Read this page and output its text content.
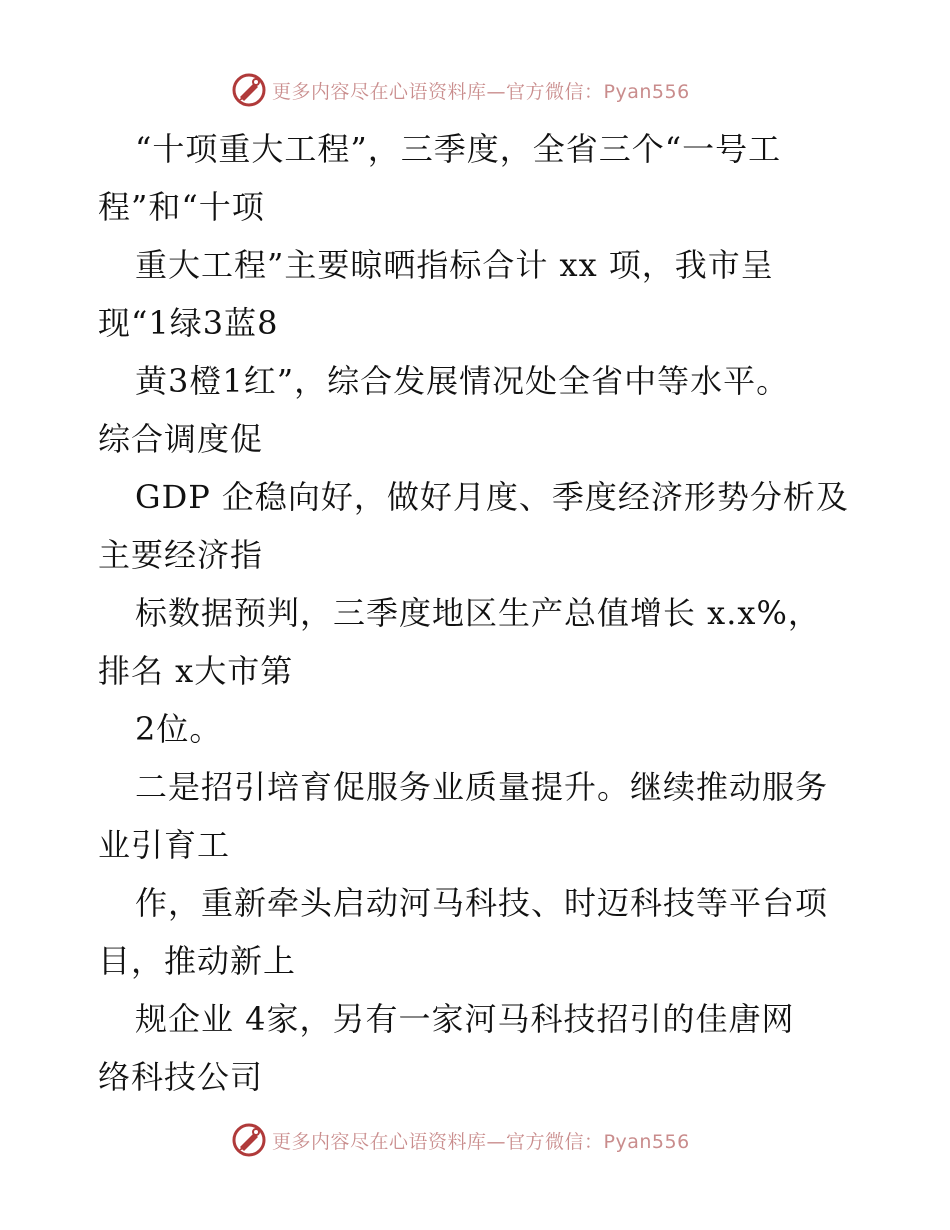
更多内容尽在心语资料库—官方微信：Pyan556
“十项重大工程”，三季度，全省三个“一号工
程”和“十项
重大工程”主要晾晒指标合计 xx 项，我市呈
现“1绿3蓝8
黄3橙1红”，综合发展情况处全省中等水平。
综合调度促
GDP 企稳向好，做好月度、季度经济形势分析及
主要经济指
标数据预判，三季度地区生产总值增长 x.x%，
排名 x大市第
2位。
二是招引培育促服务业质量提升。继续推动服务
业引育工
作，重新牵头启动河马科技、时迈科技等平台项
目，推动新上
规企业 4家，另有一家河马科技招引的佳唐网
络科技公司
更多内容尽在心语资料库—官方微信：Pyan556
